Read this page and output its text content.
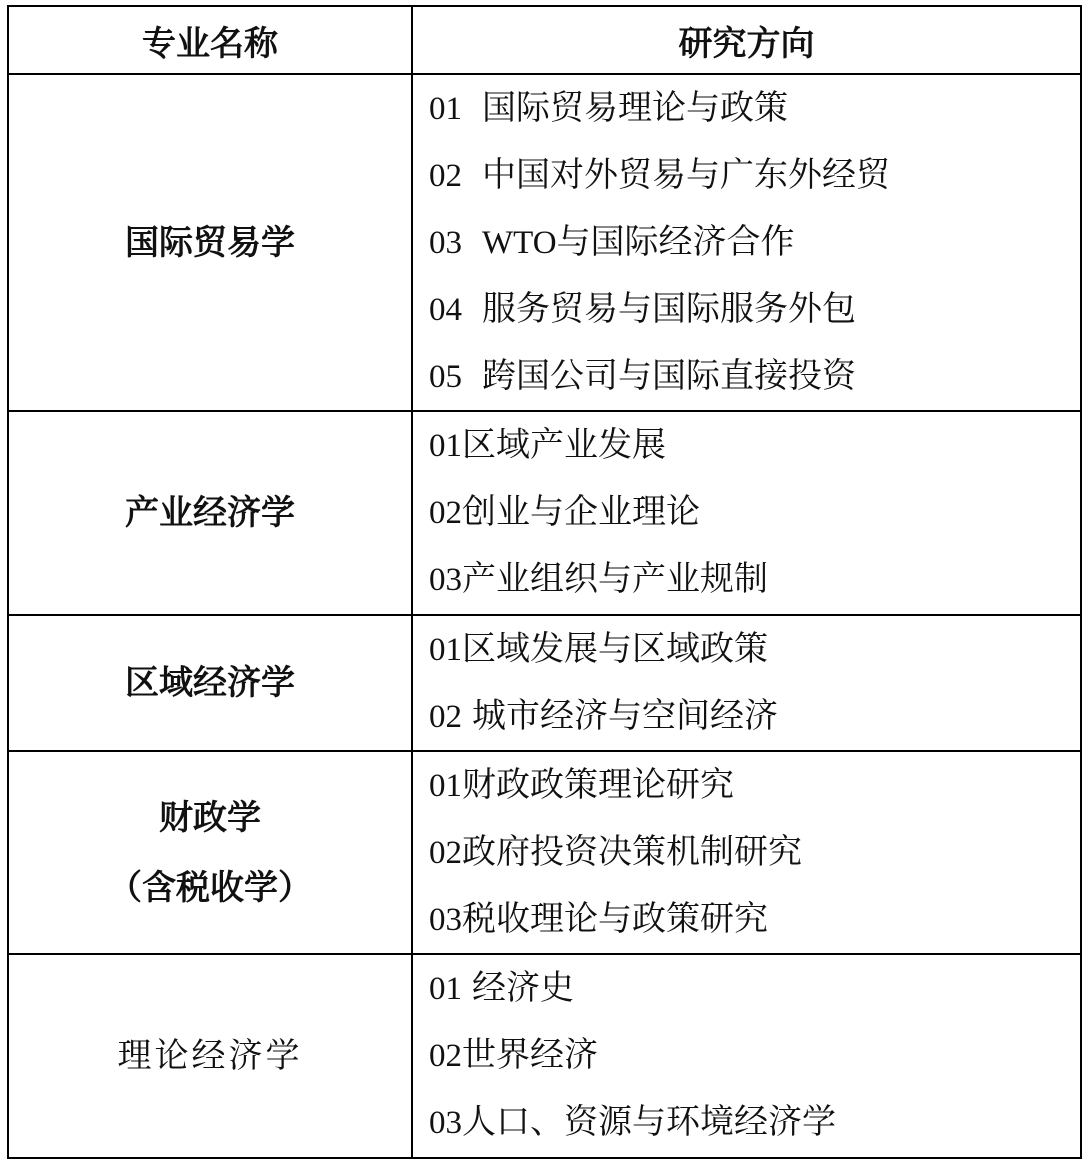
专业名称	研究方向

国际贸易学	01 国际贸易理论与政策
02 中国对外贸易与广东外经贸
03 WTO与国际经济合作
04 服务贸易与国际服务外包
05 跨国公司与国际直接投资

产业经济学	01区域产业发展
02创业与企业理论
03产业组织与产业规制

区域经济学	01区域发展与区域政策
02 城市经济与空间经济

财政学
（含税收学）	01财政政策理论研究
02政府投资决策机制研究
03税收理论与政策研究

理论经济学	01 经济史
02世界经济
03人口、资源与环境经济学
